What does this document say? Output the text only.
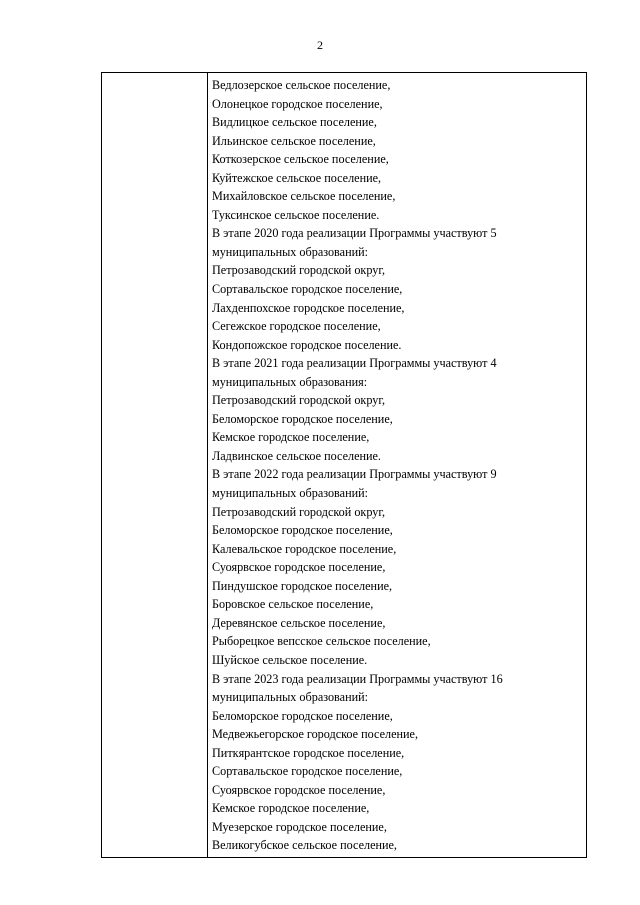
2
Ведлозерское сельское поселение,
Олонецкое городское поселение,
Видлицкое сельское поселение,
Ильинское сельское поселение,
Коткозерское сельское поселение,
Куйтежское сельское поселение,
Михайловское сельское поселение,
Туксинское сельское поселение.
В этапе 2020 года реализации Программы участвуют 5
муниципальных образований:
Петрозаводский городской округ,
Сортавальское городское поселение,
Лахденпохское городское поселение,
Сегежское городское поселение,
Кондопожское городское поселение.
В этапе 2021 года реализации Программы участвуют 4
муниципальных образования:
Петрозаводский городской округ,
Беломорское городское поселение,
Кемское городское поселение,
Ладвинское сельское поселение.
В этапе 2022 года реализации Программы участвуют 9
муниципальных образований:
Петрозаводский городской округ,
Беломорское городское поселение,
Калевальское городское поселение,
Суоярвское городское поселение,
Пиндушское городское поселение,
Боровское сельское поселение,
Деревянское сельское поселение,
Рыборецкое вепсское сельское поселение,
Шуйское сельское поселение.
В этапе 2023 года реализации Программы участвуют 16
муниципальных образований:
Беломорское городское поселение,
Медвежьегорское городское поселение,
Питкярантское городское поселение,
Сортавальское городское поселение,
Суоярвское городское поселение,
Кемское городское поселение,
Муезерское городское поселение,
Великогубское сельское поселение,
